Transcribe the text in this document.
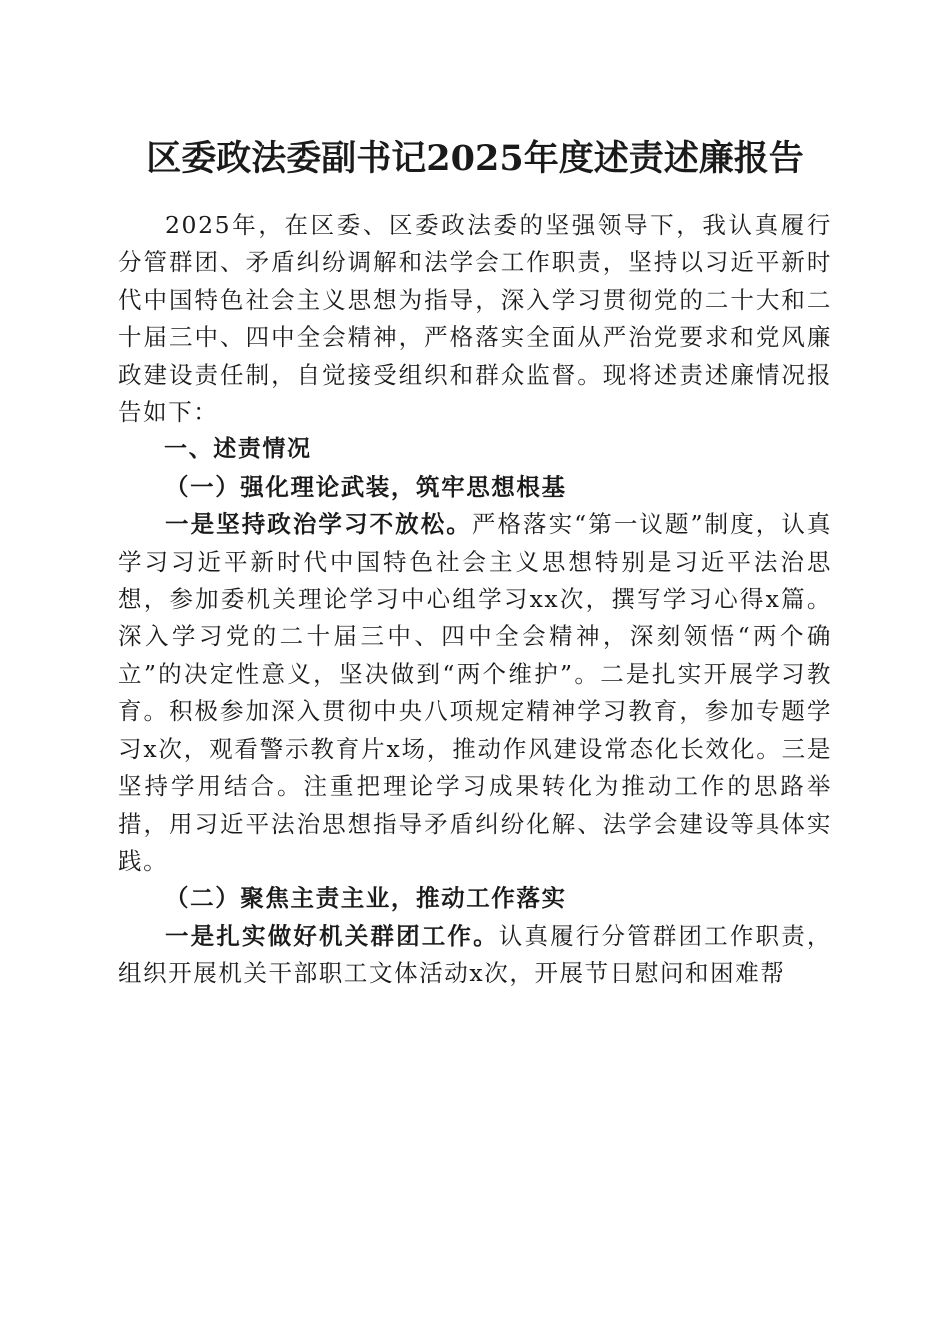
区委政法委副书记2025年度述责述廉报告

2025年，在区委、区委政法委的坚强领导下，我认真履行分管群团、矛盾纠纷调解和法学会工作职责，坚持以习近平新时代中国特色社会主义思想为指导，深入学习贯彻党的二十大和二十届三中、四中全会精神，严格落实全面从严治党要求和党风廉政建设责任制，自觉接受组织和群众监督。现将述责述廉情况报告如下：

一、述责情况

（一）强化理论武装，筑牢思想根基

一是坚持政治学习不放松。严格落实“第一议题”制度，认真学习习近平新时代中国特色社会主义思想特别是习近平法治思想，参加委机关理论学习中心组学习xx次，撰写学习心得x篇。深入学习党的二十届三中、四中全会精神，深刻领悟“两个确立”的决定性意义，坚决做到“两个维护”。二是扎实开展学习教育。积极参加深入贯彻中央八项规定精神学习教育，参加专题学习x次，观看警示教育片x场，推动作风建设常态化长效化。三是坚持学用结合。注重把理论学习成果转化为推动工作的思路举措，用习近平法治思想指导矛盾纠纷化解、法学会建设等具体实践。

（二）聚焦主责主业，推动工作落实

一是扎实做好机关群团工作。认真履行分管群团工作职责，组织开展机关干部职工文体活动x次，开展节日慰问和困难帮
